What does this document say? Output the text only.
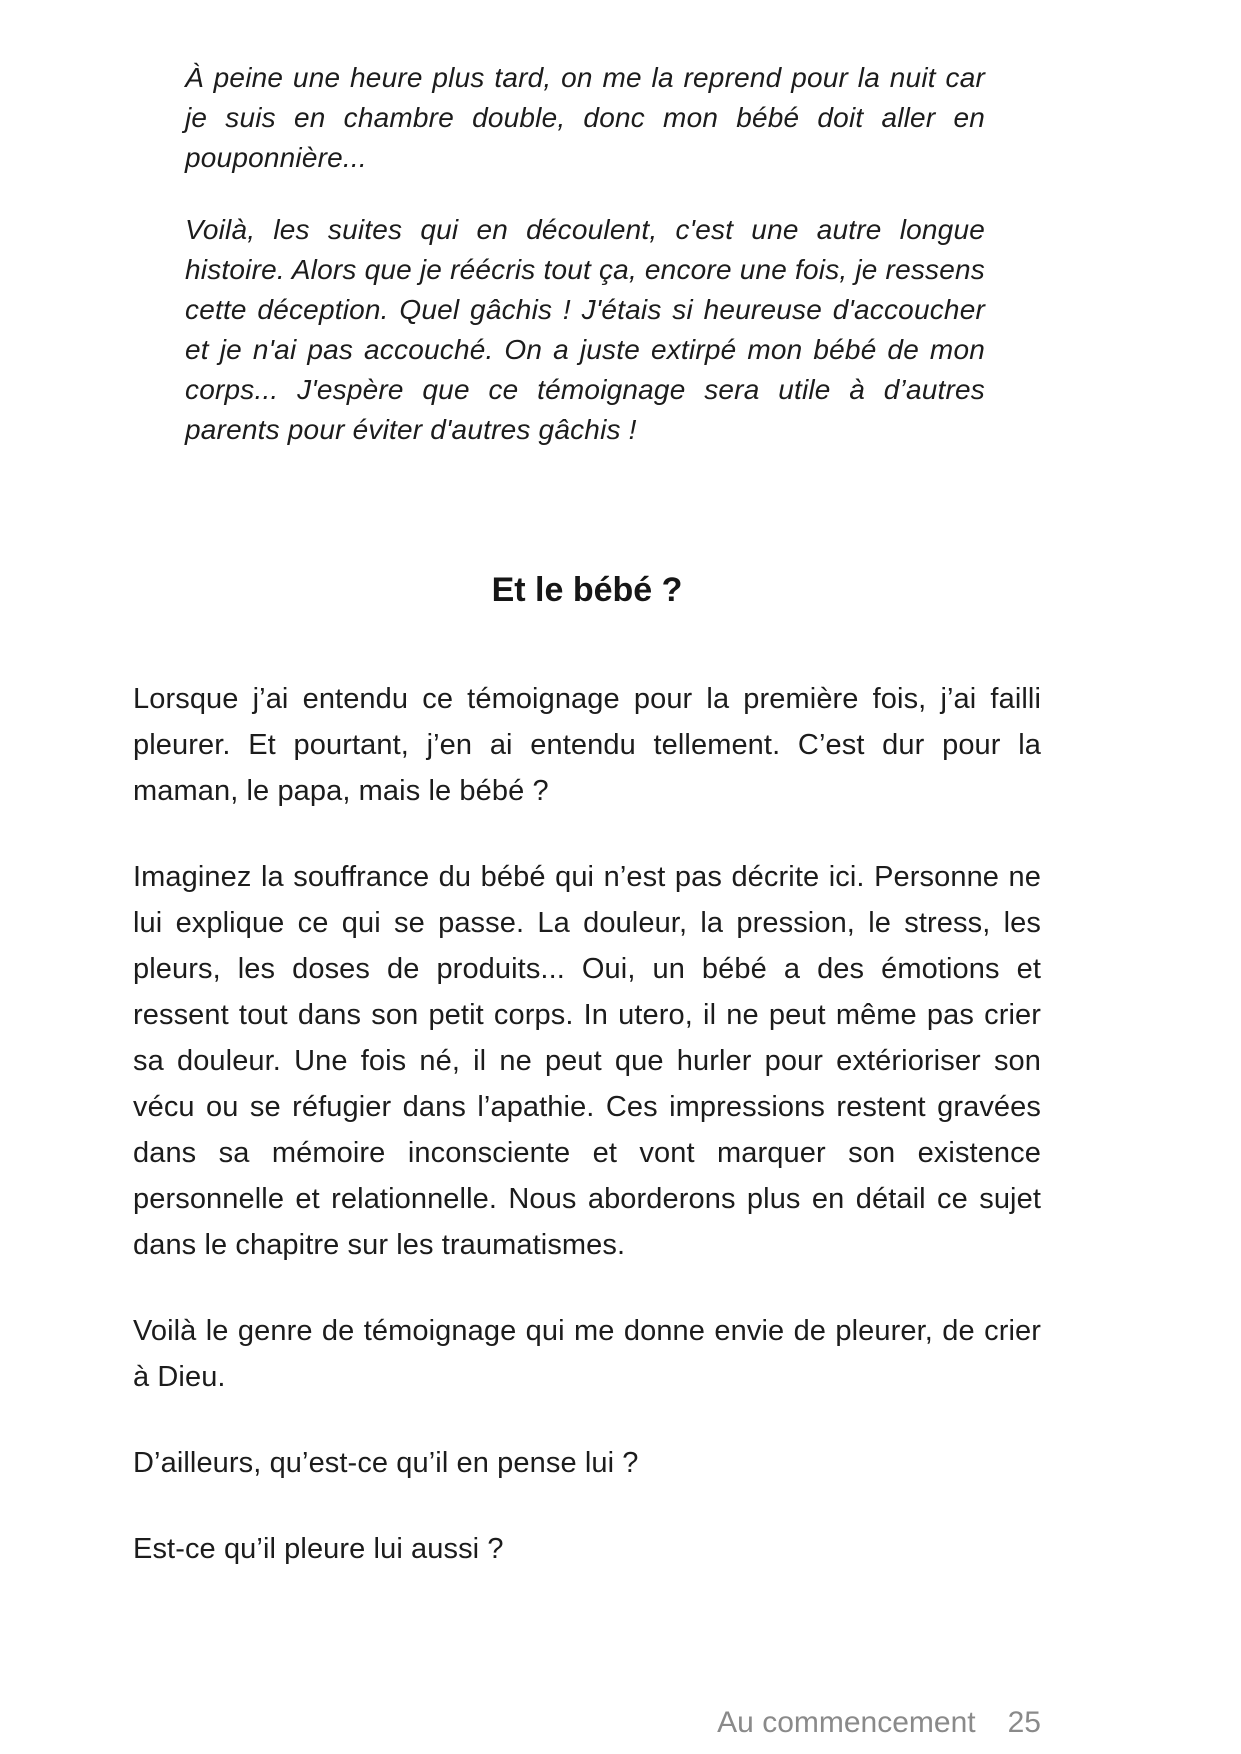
À peine une heure plus tard, on me la reprend pour la nuit car je suis en chambre double, donc mon bébé doit aller en pouponnière...

Voilà, les suites qui en découlent, c'est une autre longue histoire. Alors que je réécris tout ça, encore une fois, je ressens cette déception. Quel gâchis ! J'étais si heureuse d'accoucher et je n'ai pas accouché. On a juste extirpé mon bébé de mon corps... J'espère que ce témoignage sera utile à d’autres parents pour éviter d'autres gâchis !

Et le bébé ?

Lorsque j’ai entendu ce témoignage pour la première fois, j’ai failli pleurer. Et pourtant, j’en ai entendu tellement. C’est dur pour la maman, le papa, mais le bébé ?

Imaginez la souffrance du bébé qui n’est pas décrite ici. Personne ne lui explique ce qui se passe. La douleur, la pression, le stress, les pleurs, les doses de produits... Oui, un bébé a des émotions et ressent tout dans son petit corps. In utero, il ne peut même pas crier sa douleur. Une fois né, il ne peut que hurler pour extérioriser son vécu ou se réfugier dans l’apathie. Ces impressions restent gravées dans sa mémoire inconsciente et vont marquer son existence personnelle et relationnelle. Nous aborderons plus en détail ce sujet dans le chapitre sur les traumatismes.

Voilà le genre de témoignage qui me donne envie de pleurer, de crier à Dieu.

D’ailleurs, qu’est-ce qu’il en pense lui ?

Est-ce qu’il pleure lui aussi ?

Au commencement 25
